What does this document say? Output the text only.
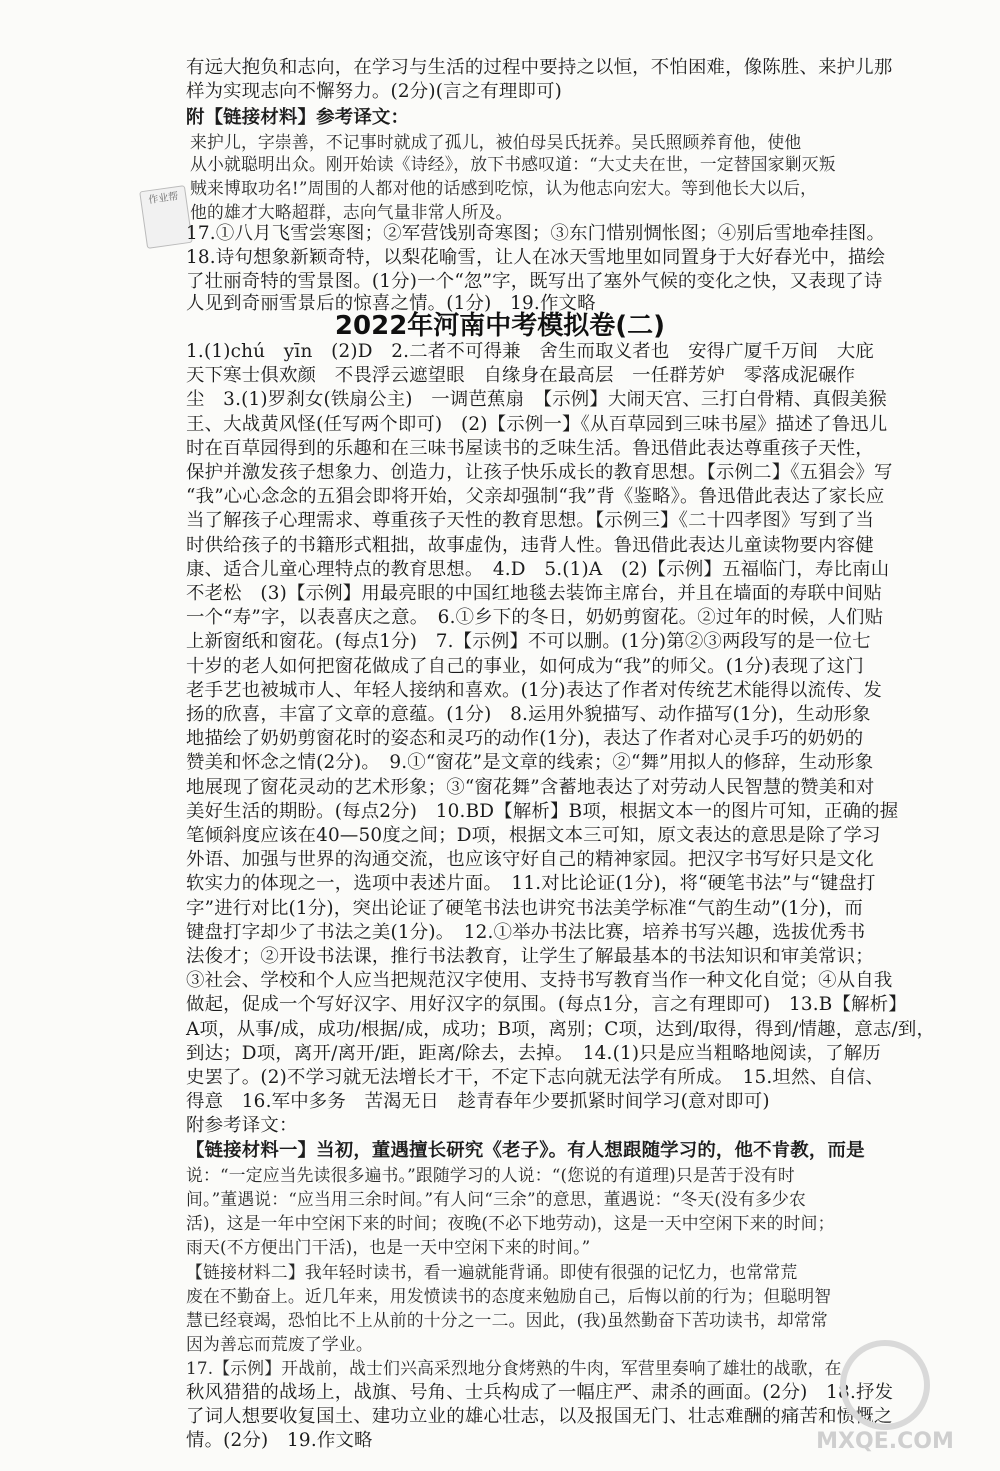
作业帮
2022年河南中考模拟卷(二)
有远大抱负和志向，在学习与生活的过程中要持之以恒，不怕困难，像陈胜、来护儿那
样为实现志向不懈努力。(2分)(言之有理即可)
附【链接材料】参考译文：
来护儿，字崇善，不记事时就成了孤儿，被伯母吴氏抚养。吴氏照顾养育他，使他
从小就聪明出众。刚开始读《诗经》，放下书感叹道：“大丈夫在世，一定替国家剿灭叛
贼来博取功名!”周围的人都对他的话感到吃惊，认为他志向宏大。等到他长大以后，
他的雄才大略超群，志向气量非常人所及。
17.①八月飞雪尝寒图；②军营饯别奇寒图；③东门惜别惆怅图；④别后雪地牵挂图。
18.诗句想象新颖奇特，以梨花喻雪，让人在冰天雪地里如同置身于大好春光中，描绘
了壮丽奇特的雪景图。(1分)一个“忽”字，既写出了塞外气候的变化之快，又表现了诗
人见到奇丽雪景后的惊喜之情。(1分)　19.作文略
1.(1)chú　yīn　(2)D　2.二者不可得兼　舍生而取义者也　安得广厦千万间　大庇
天下寒士俱欢颜　不畏浮云遮望眼　自缘身在最高层　一任群芳妒　零落成泥碾作
尘　3.(1)罗刹女(铁扇公主)　一调芭蕉扇　【示例】大闹天宫、三打白骨精、真假美猴
王、大战黄风怪(任写两个即可)　(2)【示例一】《从百草园到三味书屋》描述了鲁迅儿
时在百草园得到的乐趣和在三味书屋读书的乏味生活。鲁迅借此表达尊重孩子天性，
保护并激发孩子想象力、创造力，让孩子快乐成长的教育思想。【示例二】《五猖会》写
“我”心心念念的五猖会即将开始，父亲却强制“我”背《鉴略》。鲁迅借此表达了家长应
当了解孩子心理需求、尊重孩子天性的教育思想。【示例三】《二十四孝图》写到了当
时供给孩子的书籍形式粗拙，故事虚伪，违背人性。鲁迅借此表达儿童读物要内容健
康、适合儿童心理特点的教育思想。　4.D　5.(1)A　(2)【示例】五福临门，寿比南山
不老松　(3)【示例】用最亮眼的中国红地毯去装饰主席台，并且在墙面的寿联中间贴
一个“寿”字，以表喜庆之意。　6.①乡下的冬日，奶奶剪窗花。②过年的时候，人们贴
上新窗纸和窗花。(每点1分)　7.【示例】不可以删。(1分)第②③两段写的是一位七
十岁的老人如何把窗花做成了自己的事业，如何成为“我”的师父。(1分)表现了这门
老手艺也被城市人、年轻人接纳和喜欢。(1分)表达了作者对传统艺术能得以流传、发
扬的欣喜，丰富了文章的意蕴。(1分)　8.运用外貌描写、动作描写(1分)，生动形象
地描绘了奶奶剪窗花时的姿态和灵巧的动作(1分)，表达了作者对心灵手巧的奶奶的
赞美和怀念之情(2分)。　9.①“窗花”是文章的线索；②“舞”用拟人的修辞，生动形象
地展现了窗花灵动的艺术形象；③“窗花舞”含蓄地表达了对劳动人民智慧的赞美和对
美好生活的期盼。(每点2分)　10.BD【解析】B项，根据文本一的图片可知，正确的握
笔倾斜度应该在40—50度之间；D项，根据文本三可知，原文表达的意思是除了学习
外语、加强与世界的沟通交流，也应该守好自己的精神家园。把汉字书写好只是文化
软实力的体现之一，选项中表述片面。　11.对比论证(1分)，将“硬笔书法”与“键盘打
字”进行对比(1分)，突出论证了硬笔书法也讲究书法美学标准“气韵生动”(1分)，而
键盘打字却少了书法之美(1分)。　12.①举办书法比赛，培养书写兴趣，选拔优秀书
法俊才；②开设书法课，推行书法教育，让学生了解最基本的书法知识和审美常识；
③社会、学校和个人应当把规范汉字使用、支持书写教育当作一种文化自觉；④从自我
做起，促成一个写好汉字、用好汉字的氛围。(每点1分，言之有理即可)　13.B【解析】
A项，从事/成，成功/根据/成，成功；B项，离别；C项，达到/取得，得到/情趣，意志/到，
到达；D项，离开/离开/距，距离/除去，去掉。　14.(1)只是应当粗略地阅读，了解历
史罢了。(2)不学习就无法增长才干，不定下志向就无法学有所成。　15.坦然、自信、
得意　16.军中多务　苦渴无日　趁青春年少要抓紧时间学习(意对即可)
附参考译文：
【链接材料一】当初，董遇擅长研究《老子》。有人想跟随学习的，他不肯教，而是
说：“一定应当先读很多遍书。”跟随学习的人说：“(您说的有道理)只是苦于没有时
间。”董遇说：“应当用三余时间。”有人问“三余”的意思，董遇说：“冬天(没有多少农
活)，这是一年中空闲下来的时间；夜晚(不必下地劳动)，这是一天中空闲下来的时间；
雨天(不方便出门干活)，也是一天中空闲下来的时间。”
【链接材料二】我年轻时读书，看一遍就能背诵。即使有很强的记忆力，也常常荒
废在不勤奋上。近几年来，用发愤读书的态度来勉励自己，后悔以前的行为；但聪明智
慧已经衰竭，恐怕比不上从前的十分之一二。因此，(我)虽然勤奋下苦功读书，却常常
因为善忘而荒废了学业。
17.【示例】开战前，战士们兴高采烈地分食烤熟的牛肉，军营里奏响了雄壮的战歌，在
秋风猎猎的战场上，战旗、号角、士兵构成了一幅庄严、肃杀的画面。(2分)　18.抒发
了词人想要收复国土、建功立业的雄心壮志，以及报国无门、壮志难酬的痛苦和愤慨之
情。(2分)　19.作文略	MXQE.COM
